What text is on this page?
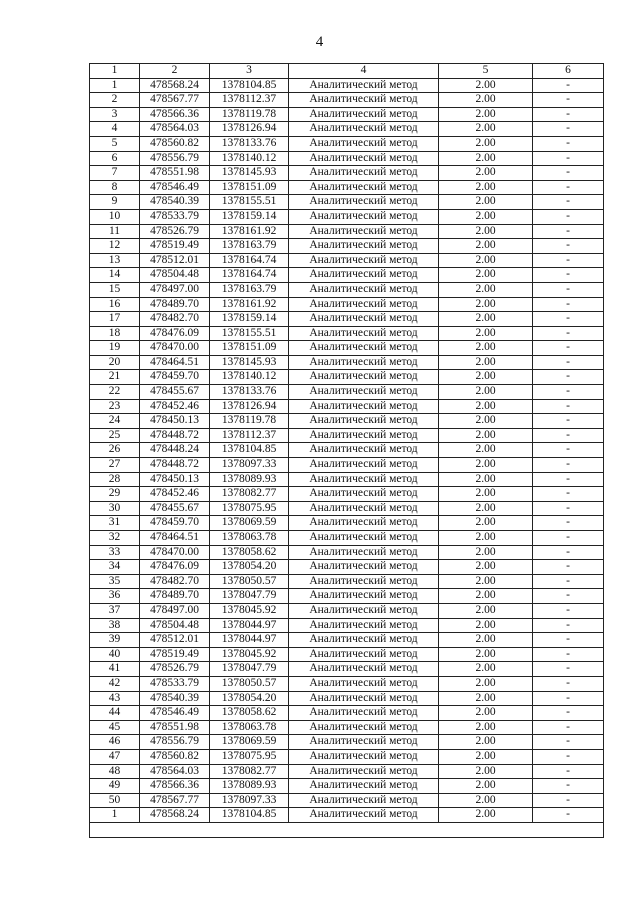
4
1	2	3	4	5	6
1	478568.24	1378104.85	Аналитический метод	2.00	-
2	478567.77	1378112.37	Аналитический метод	2.00	-
3	478566.36	1378119.78	Аналитический метод	2.00	-
4	478564.03	1378126.94	Аналитический метод	2.00	-
5	478560.82	1378133.76	Аналитический метод	2.00	-
6	478556.79	1378140.12	Аналитический метод	2.00	-
7	478551.98	1378145.93	Аналитический метод	2.00	-
8	478546.49	1378151.09	Аналитический метод	2.00	-
9	478540.39	1378155.51	Аналитический метод	2.00	-
10	478533.79	1378159.14	Аналитический метод	2.00	-
11	478526.79	1378161.92	Аналитический метод	2.00	-
12	478519.49	1378163.79	Аналитический метод	2.00	-
13	478512.01	1378164.74	Аналитический метод	2.00	-
14	478504.48	1378164.74	Аналитический метод	2.00	-
15	478497.00	1378163.79	Аналитический метод	2.00	-
16	478489.70	1378161.92	Аналитический метод	2.00	-
17	478482.70	1378159.14	Аналитический метод	2.00	-
18	478476.09	1378155.51	Аналитический метод	2.00	-
19	478470.00	1378151.09	Аналитический метод	2.00	-
20	478464.51	1378145.93	Аналитический метод	2.00	-
21	478459.70	1378140.12	Аналитический метод	2.00	-
22	478455.67	1378133.76	Аналитический метод	2.00	-
23	478452.46	1378126.94	Аналитический метод	2.00	-
24	478450.13	1378119.78	Аналитический метод	2.00	-
25	478448.72	1378112.37	Аналитический метод	2.00	-
26	478448.24	1378104.85	Аналитический метод	2.00	-
27	478448.72	1378097.33	Аналитический метод	2.00	-
28	478450.13	1378089.93	Аналитический метод	2.00	-
29	478452.46	1378082.77	Аналитический метод	2.00	-
30	478455.67	1378075.95	Аналитический метод	2.00	-
31	478459.70	1378069.59	Аналитический метод	2.00	-
32	478464.51	1378063.78	Аналитический метод	2.00	-
33	478470.00	1378058.62	Аналитический метод	2.00	-
34	478476.09	1378054.20	Аналитический метод	2.00	-
35	478482.70	1378050.57	Аналитический метод	2.00	-
36	478489.70	1378047.79	Аналитический метод	2.00	-
37	478497.00	1378045.92	Аналитический метод	2.00	-
38	478504.48	1378044.97	Аналитический метод	2.00	-
39	478512.01	1378044.97	Аналитический метод	2.00	-
40	478519.49	1378045.92	Аналитический метод	2.00	-
41	478526.79	1378047.79	Аналитический метод	2.00	-
42	478533.79	1378050.57	Аналитический метод	2.00	-
43	478540.39	1378054.20	Аналитический метод	2.00	-
44	478546.49	1378058.62	Аналитический метод	2.00	-
45	478551.98	1378063.78	Аналитический метод	2.00	-
46	478556.79	1378069.59	Аналитический метод	2.00	-
47	478560.82	1378075.95	Аналитический метод	2.00	-
48	478564.03	1378082.77	Аналитический метод	2.00	-
49	478566.36	1378089.93	Аналитический метод	2.00	-
50	478567.77	1378097.33	Аналитический метод	2.00	-
1	478568.24	1378104.85	Аналитический метод	2.00	-
